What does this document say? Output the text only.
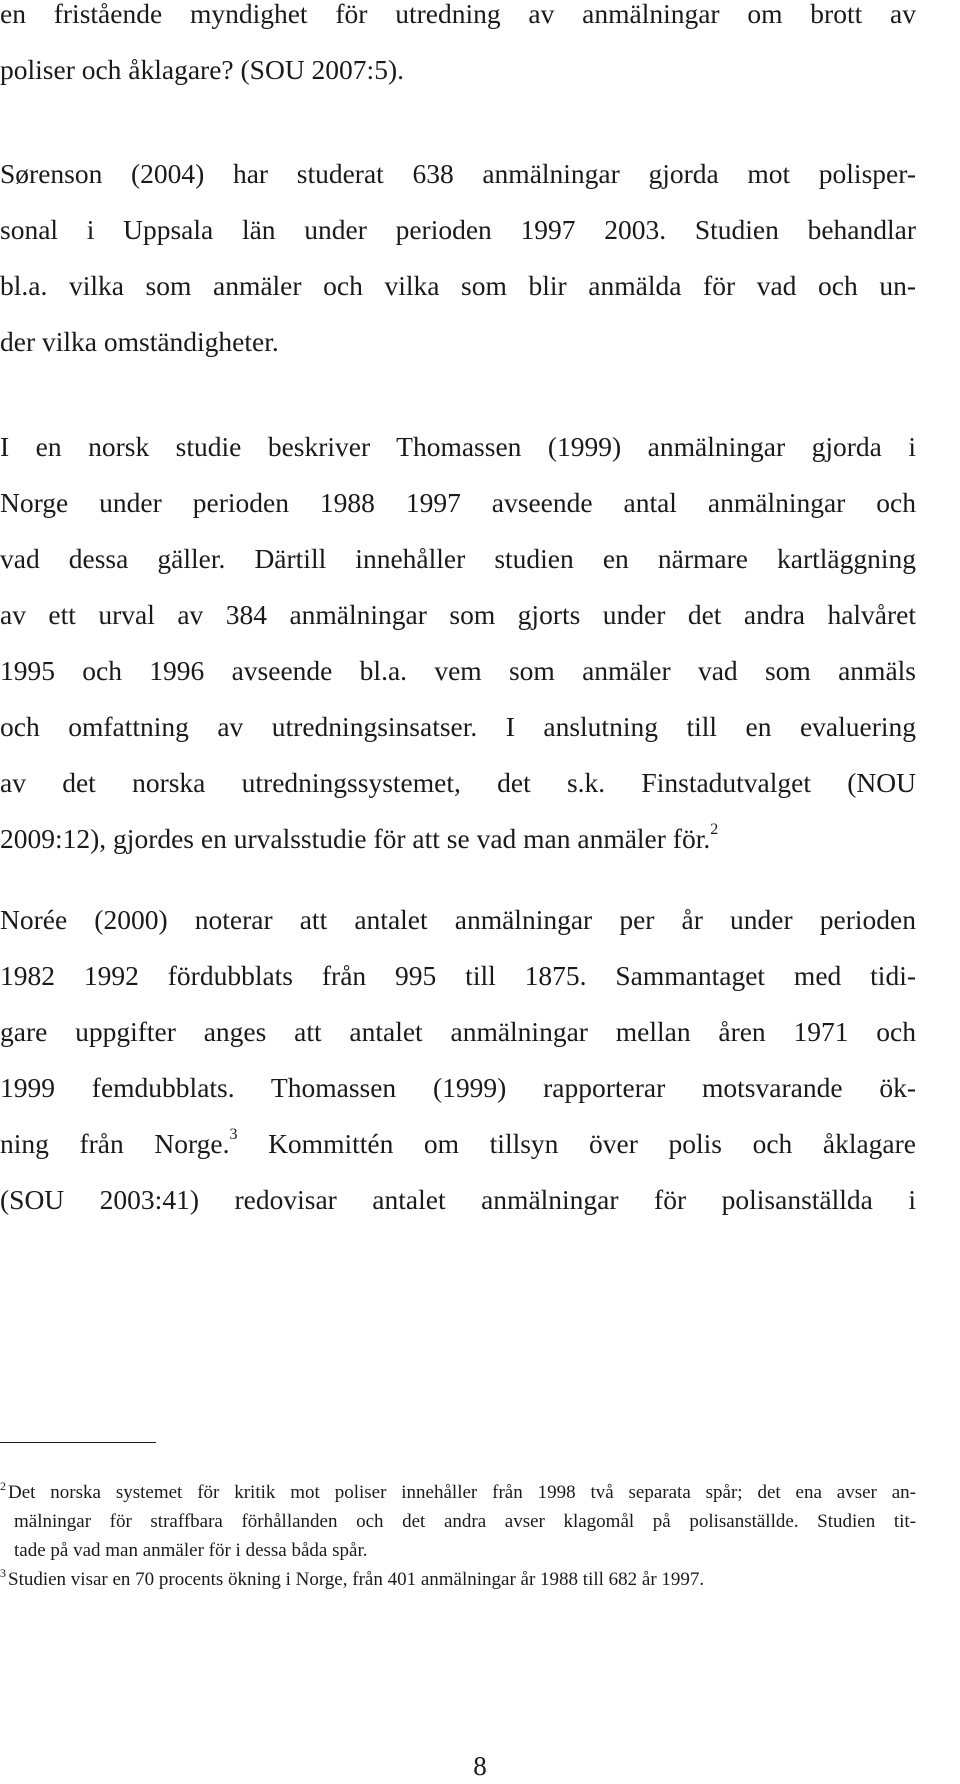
en fristående myndighet för utredning av anmälningar om brott av
poliser och åklagare? (SOU 2007:5).
Sørenson (2004) har studerat 638 anmälningar gjorda mot polisper-
sonal i Uppsala län under perioden 1997 2003. Studien behandlar
bl.a. vilka som anmäler och vilka som blir anmälda för vad och un-
der vilka omständigheter.
I en norsk studie beskriver Thomassen (1999) anmälningar gjorda i
Norge under perioden 1988 1997 avseende antal anmälningar och
vad dessa gäller. Därtill innehåller studien en närmare kartläggning
av ett urval av 384 anmälningar som gjorts under det andra halvåret
1995 och 1996 avseende bl.a. vem som anmäler vad som anmäls
och omfattning av utredningsinsatser. I anslutning till en evaluering
av det norska utredningssystemet, det s.k. Finstadutvalget (NOU
2009:12), gjordes en urvalsstudie för att se vad man anmäler för.$^2$
Norée (2000) noterar att antalet anmälningar per år under perioden
1982 1992 fördubblats från 995 till 1875. Sammantaget med tidi-
gare uppgifter anges att antalet anmälningar mellan åren 1971 och
1999 femdubblats. Thomassen (1999) rapporterar motsvarande ök-
ning från Norge.$^3$ Kommittén om tillsyn över polis och åklagare
(SOU 2003:41) redovisar antalet anmälningar för polisanställda i
$^2$ Det norska systemet för kritik mot poliser innehåller från 1998 två separata spår; det ena avser an-
mälningar för straffbara förhållanden och det andra avser klagomål på polisanställde. Studien tit-
tade på vad man anmäler för i dessa båda spår.
$^3$ Studien visar en 70 procents ökning i Norge, från 401 anmälningar år 1988 till 682 år 1997.
8
